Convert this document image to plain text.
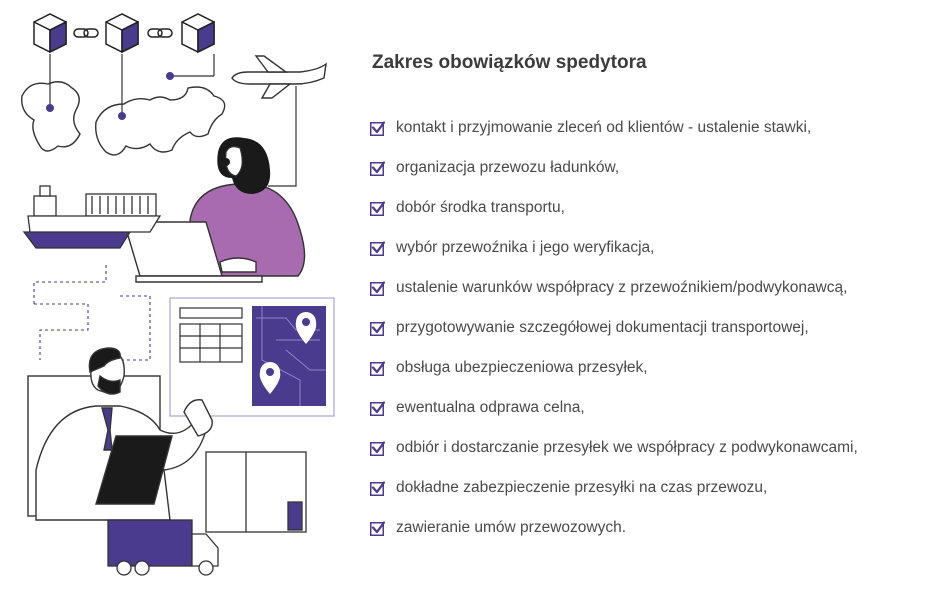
Zakres obowiązków spedytora
kontakt i przyjmowanie zleceń od klientów - ustalenie stawki,
organizacja przewozu ładunków,
dobór środka transportu,
wybór przewoźnika i jego weryfikacja,
ustalenie warunków współpracy z przewoźnikiem/podwykonawcą,
przygotowywanie szczegółowej dokumentacji transportowej,
obsługa ubezpieczeniowa przesyłek,
ewentualna odprawa celna,
odbiór i dostarczanie przesyłek we współpracy z podwykonawcami,
dokładne zabezpieczenie przesyłki na czas przewozu,
zawieranie umów przewozowych.
